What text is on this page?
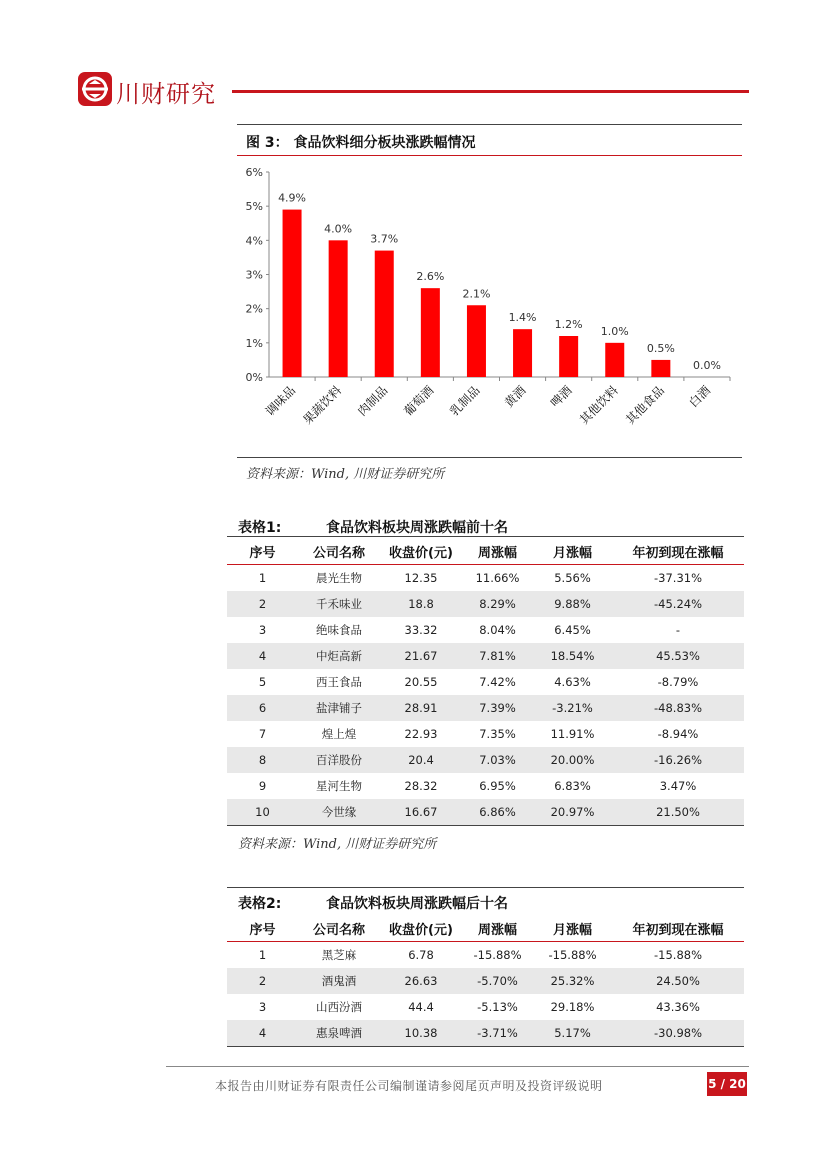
川财研究
图 3： 食品饮料细分板块涨跌幅情况
0%
1%
2%
3%
4%
5%
6%
4.9%
调味品
4.0%
果蔬饮料
3.7%
肉制品
2.6%
葡萄酒
2.1%
乳制品
1.4%
黄酒
1.2%
啤酒
1.0%
其他饮料
0.5%
其他食品
0.0%
白酒
资料来源：Wind, 川财证券研究所
表格1:	食品饮料板块周涨跌幅前十名
序号	公司名称	收盘价(元)	周涨幅	月涨幅	年初到现在涨幅
1	晨光生物	12.35	11.66%	5.56%	-37.31%
2	千禾味业	18.8	8.29%	9.88%	-45.24%
3	绝味食品	33.32	8.04%	6.45%	-
4	中炬高新	21.67	7.81%	18.54%	45.53%
5	西王食品	20.55	7.42%	4.63%	-8.79%
6	盐津铺子	28.91	7.39%	-3.21%	-48.83%
7	煌上煌	22.93	7.35%	11.91%	-8.94%
8	百洋股份	20.4	7.03%	20.00%	-16.26%
9	星河生物	28.32	6.95%	6.83%	3.47%
10	今世缘	16.67	6.86%	20.97%	21.50%
资料来源：Wind, 川财证券研究所
表格2:	食品饮料板块周涨跌幅后十名
序号	公司名称	收盘价(元)	周涨幅	月涨幅	年初到现在涨幅
1	黑芝麻	6.78	-15.88%	-15.88%	-15.88%
2	酒鬼酒	26.63	-5.70%	25.32%	24.50%
3	山西汾酒	44.4	-5.13%	29.18%	43.36%
4	惠泉啤酒	10.38	-3.71%	5.17%	-30.98%
本报告由川财证券有限责任公司编制谨请参阅尾页声明及投资评级说明	5 / 20
